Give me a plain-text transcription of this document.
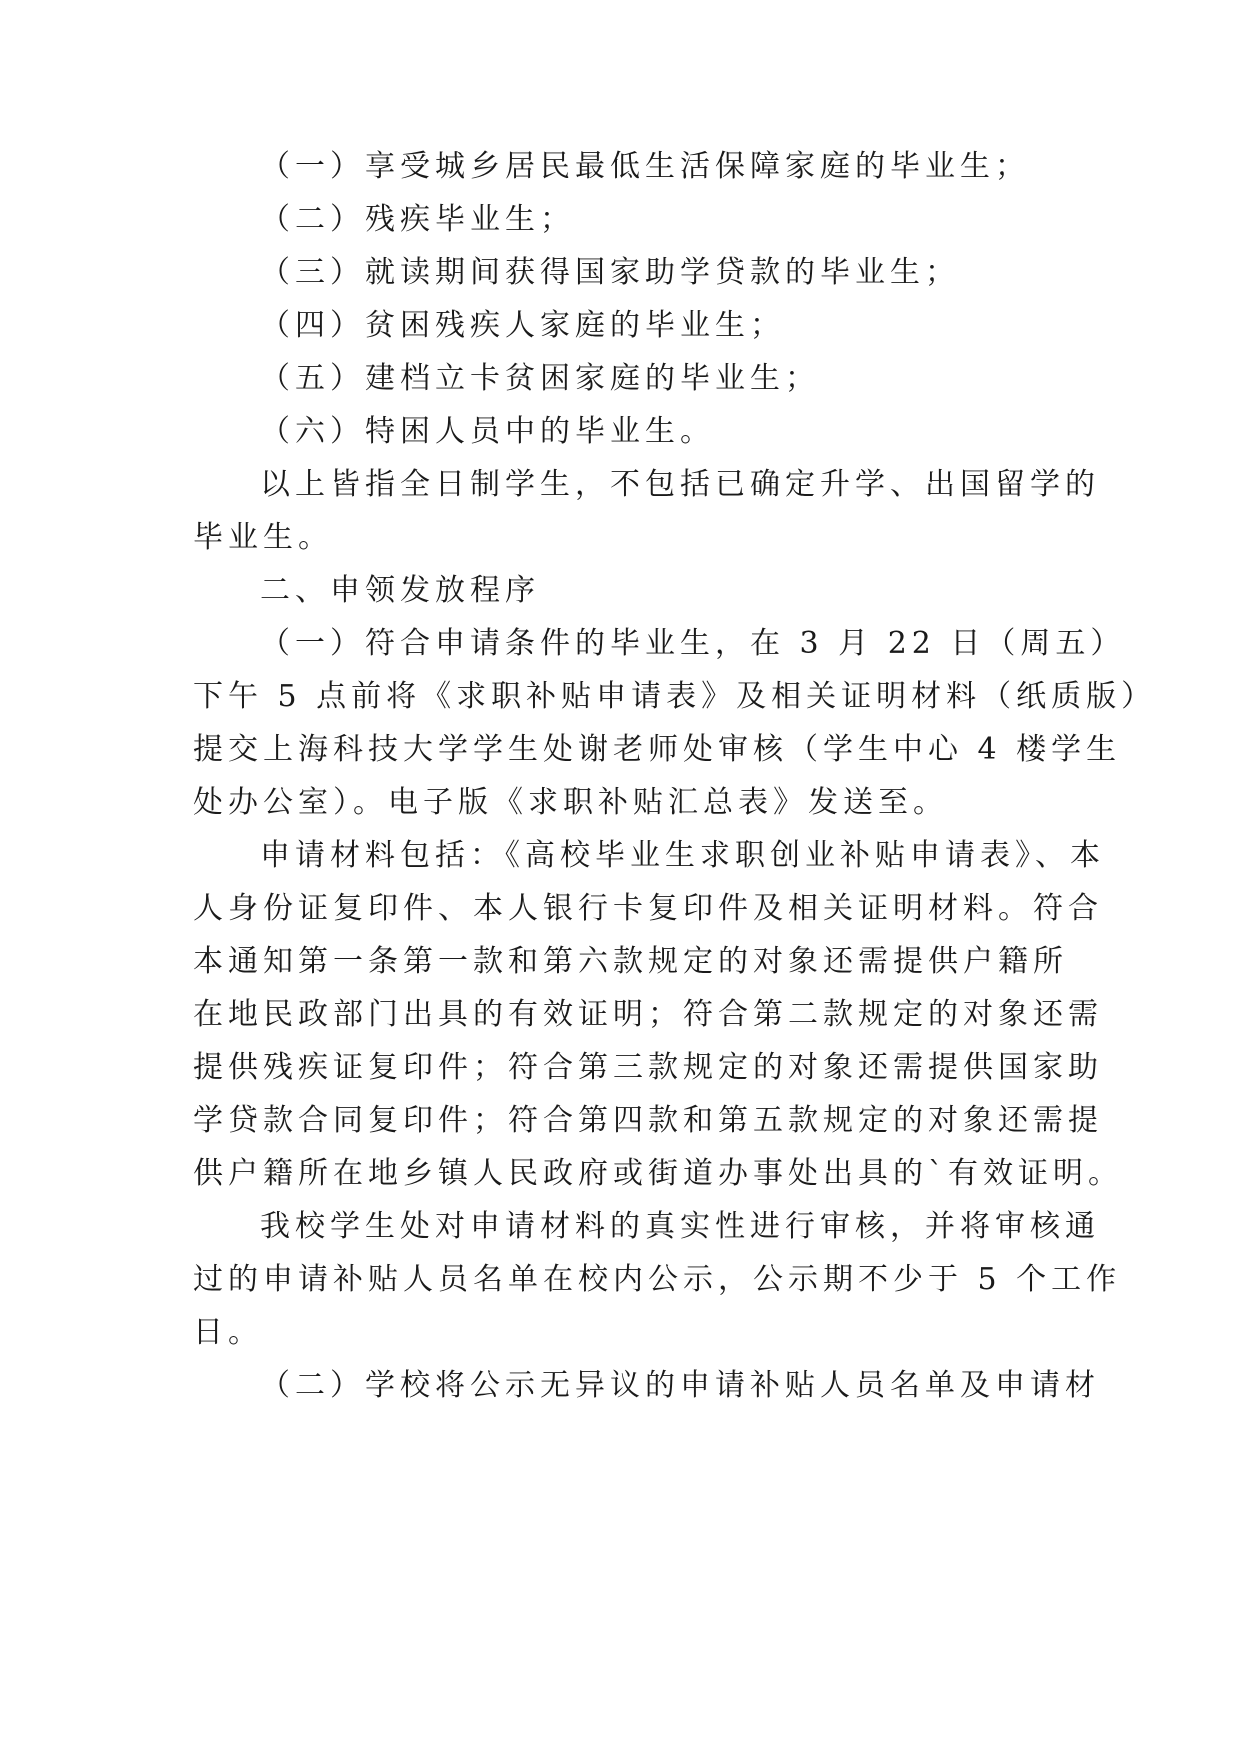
（一）享受城乡居民最低生活保障家庭的毕业生；
（二）残疾毕业生；
（三）就读期间获得国家助学贷款的毕业生；
（四）贫困残疾人家庭的毕业生；
（五）建档立卡贫困家庭的毕业生；
（六）特困人员中的毕业生。
以上皆指全日制学生，不包括已确定升学、出国留学的
毕业生。
二、申领发放程序
（一）符合申请条件的毕业生，在 3 月 22 日（周五）
下午 5 点前将《求职补贴申请表》及相关证明材料（纸质版）
提交上海科技大学学生处谢老师处审核（学生中心 4 楼学生
处办公室）。电子版《求职补贴汇总表》发送至。
申请材料包括：《高校毕业生求职创业补贴申请表》、本
人身份证复印件、本人银行卡复印件及相关证明材料。符合
本通知第一条第一款和第六款规定的对象还需提供户籍所
在地民政部门出具的有效证明；符合第二款规定的对象还需
提供残疾证复印件；符合第三款规定的对象还需提供国家助
学贷款合同复印件；符合第四款和第五款规定的对象还需提
供户籍所在地乡镇人民政府或街道办事处出具的`有效证明。
我校学生处对申请材料的真实性进行审核，并将审核通
过的申请补贴人员名单在校内公示，公示期不少于 5 个工作
日。
（二）学校将公示无异议的申请补贴人员名单及申请材
